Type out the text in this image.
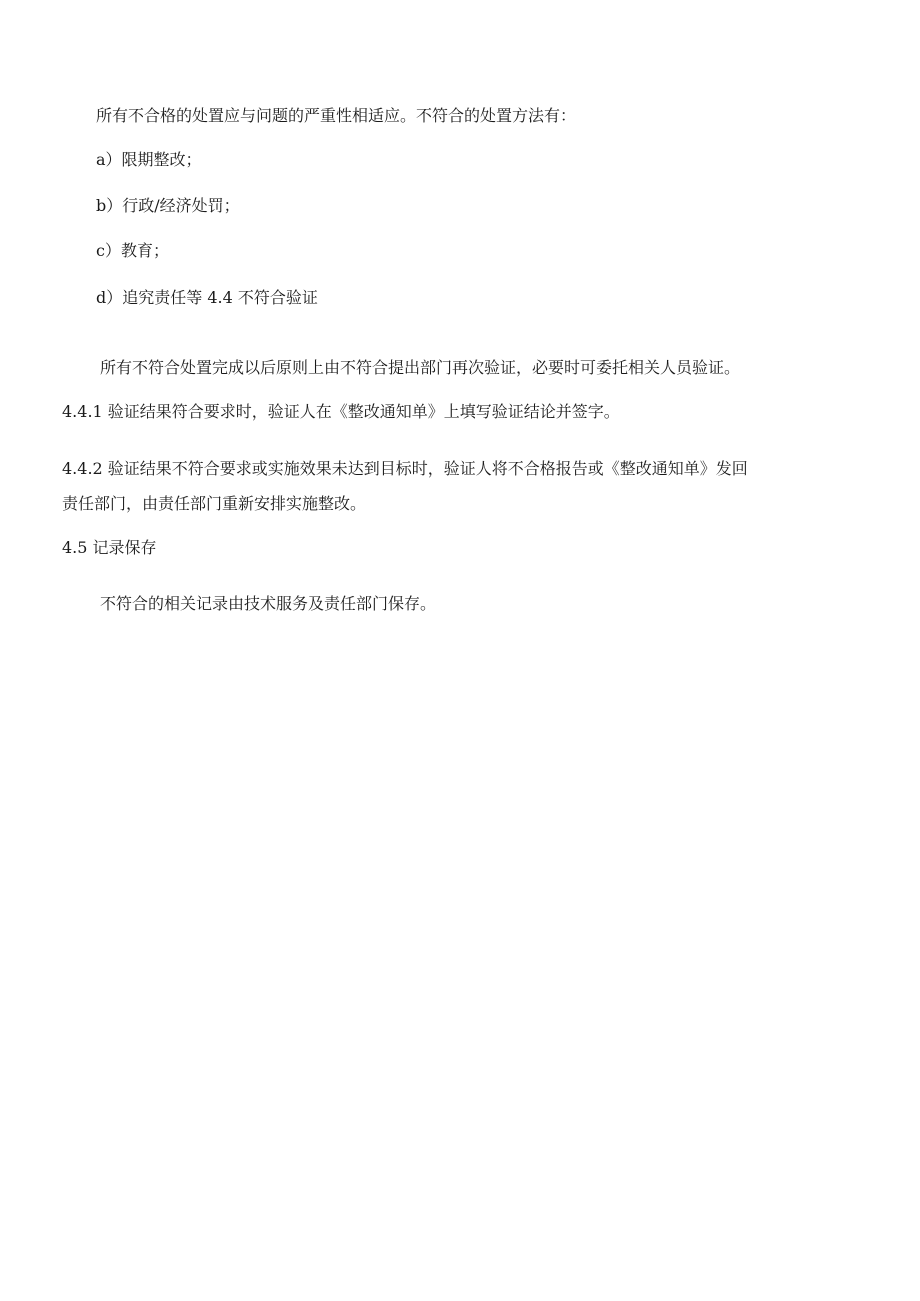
所有不合格的处置应与问题的严重性相适应。不符合的处置方法有：
a）限期整改；
b）行政/经济处罚；
c）教育；
d）追究责任等 4.4 不符合验证
所有不符合处置完成以后原则上由不符合提出部门再次验证，必要时可委托相关人员验证。
4.4.1 验证结果符合要求时，验证人在《整改通知单》上填写验证结论并签字。
4.4.2 验证结果不符合要求或实施效果未达到目标时，验证人将不合格报告或《整改通知单》发回
责任部门，由责任部门重新安排实施整改。
4.5 记录保存
不符合的相关记录由技术服务及责任部门保存。
